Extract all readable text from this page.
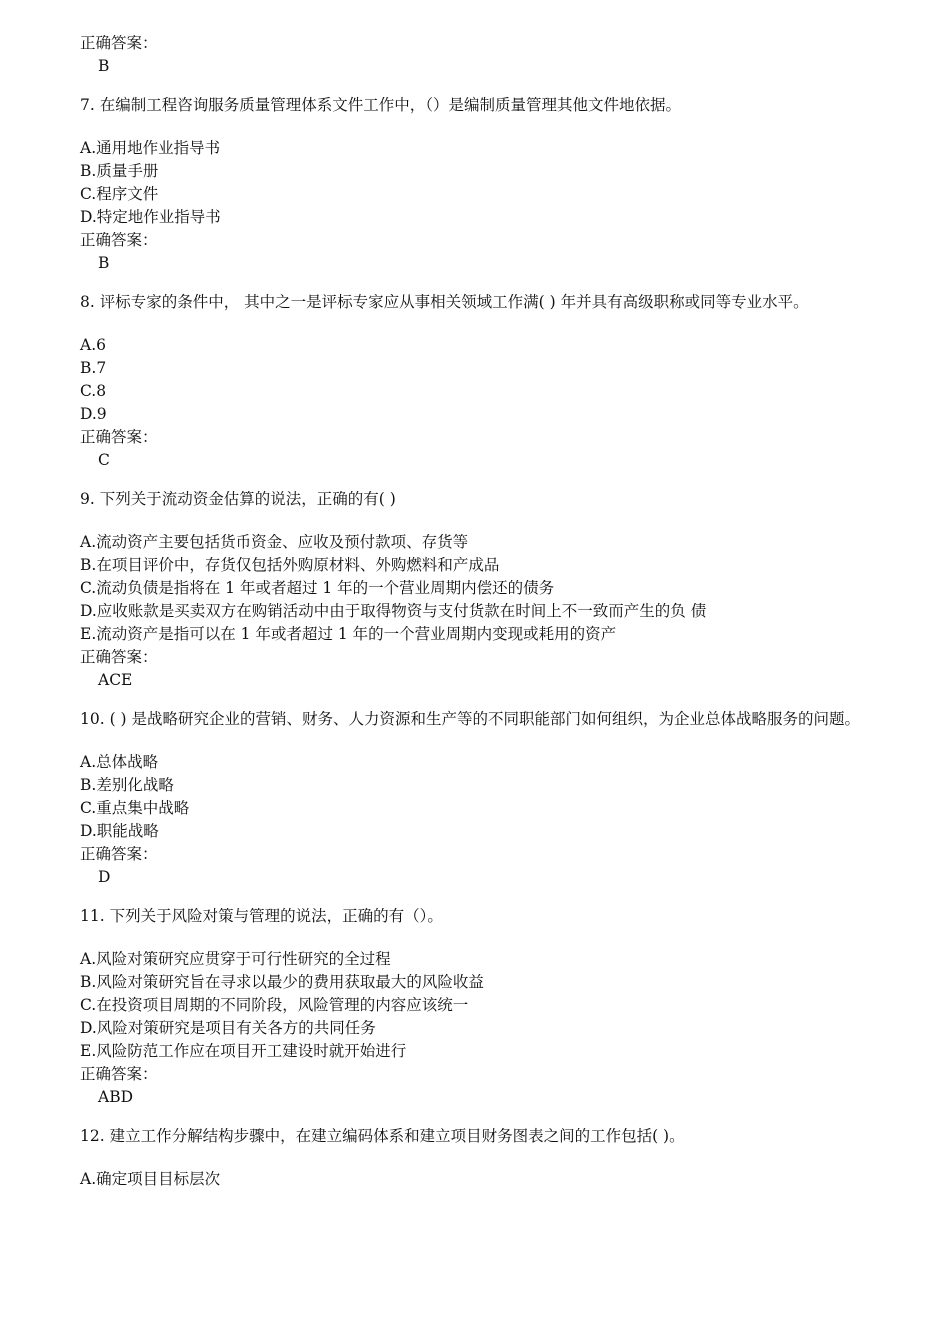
正确答案：
B
7. 在编制工程咨询服务质量管理体系文件工作中，（）是编制质量管理其他文件地依据。
A.通用地作业指导书
B.质量手册
C.程序文件
D.特定地作业指导书
正确答案：
B
8. 评标专家的条件中， 其中之一是评标专家应从事相关领域工作满( ) 年并具有高级职称或同等专业水平。
A.6
B.7
C.8
D.9
正确答案：
C
9. 下列关于流动资金估算的说法，正确的有( )
A.流动资产主要包括货币资金、应收及预付款项、存货等
B.在项目评价中，存货仅包括外购原材料、外购燃料和产成品
C.流动负债是指将在 1 年或者超过 1 年的一个营业周期内偿还的债务
D.应收账款是买卖双方在购销活动中由于取得物资与支付货款在时间上不一致而产生的负 债
E.流动资产是指可以在 1 年或者超过 1 年的一个营业周期内变现或耗用的资产
正确答案：
ACE
10. ( ) 是战略研究企业的营销、财务、人力资源和生产等的不同职能部门如何组织，为企业总体战略服务的问题。
A.总体战略
B.差别化战略
C.重点集中战略
D.职能战略
正确答案：
D
11. 下列关于风险对策与管理的说法，正确的有（）。
A.风险对策研究应贯穿于可行性研究的全过程
B.风险对策研究旨在寻求以最少的费用获取最大的风险收益
C.在投资项目周期的不同阶段，风险管理的内容应该统一
D.风险对策研究是项目有关各方的共同任务
E.风险防范工作应在项目开工建设时就开始进行
正确答案：
ABD
12. 建立工作分解结构步骤中，在建立编码体系和建立项目财务图表之间的工作包括( )。
A.确定项目目标层次
